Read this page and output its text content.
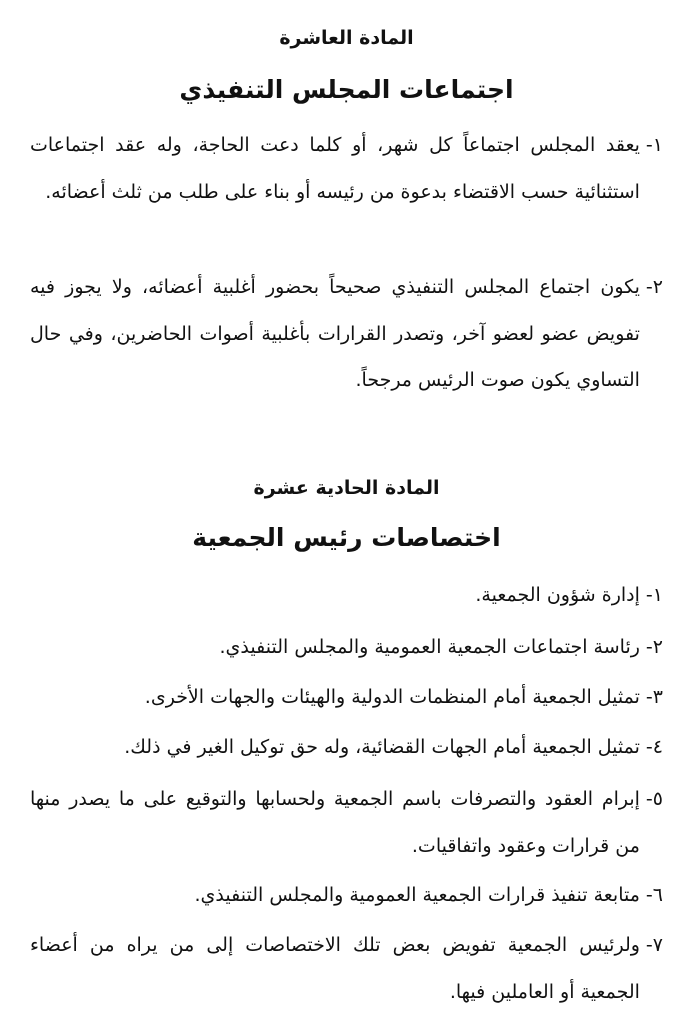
المادة العاشرة
اجتماعات المجلس التنفيذي
١-
يعقد المجلس اجتماعاً كل شهر، أو كلما دعت الحاجة، وله عقد اجتماعات استثنائية حسب الاقتضاء بدعوة من رئيسه أو بناء على طلب من ثلث أعضائه.
٢-
يكون اجتماع المجلس التنفيذي صحيحاً بحضور أغلبية أعضائه، ولا يجوز فيه تفويض عضو لعضو آخر، وتصدر القرارات بأغلبية أصوات الحاضرين، وفي حال التساوي يكون صوت الرئيس مرجحاً.
المادة الحادية عشرة
اختصاصات رئيس الجمعية
١-
إدارة شؤون الجمعية.
٢-
رئاسة اجتماعات الجمعية العمومية والمجلس التنفيذي.
٣-
تمثيل الجمعية أمام المنظمات الدولية والهيئات والجهات الأخرى.
٤-
تمثيل الجمعية أمام الجهات القضائية، وله حق توكيل الغير في ذلك.
٥-
إبرام العقود والتصرفات باسم الجمعية ولحسابها والتوقيع على ما يصدر منها من قرارات وعقود واتفاقيات.
٦-
متابعة تنفيذ قرارات الجمعية العمومية والمجلس التنفيذي.
٧-
ولرئيس الجمعية تفويض بعض تلك الاختصاصات إلى من يراه من أعضاء الجمعية أو العاملين فيها.
